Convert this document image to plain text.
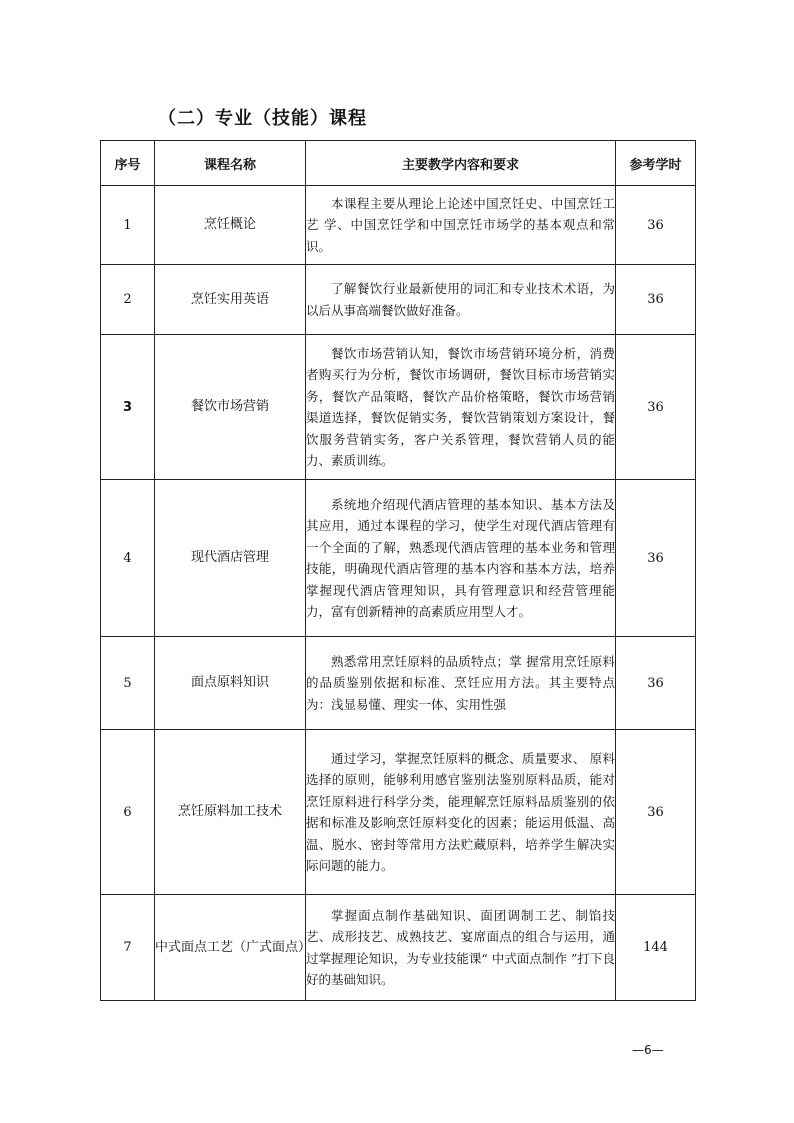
（二）专业（技能）课程
序号	课程名称	主要教学内容和要求	参考学时
1	烹饪概论	本课程主要从理论上论述中国烹饪史、中国烹饪工艺 学、中国烹饪学和中国烹饪市场学的基本观点和常识。	36
2	烹饪实用英语	了解餐饮行业最新使用的词汇和专业技术术语，为以后从事高端餐饮做好准备。	36
3	餐饮市场营销	餐饮市场营销认知，餐饮市场营销环境分析，消费者购买行为分析，餐饮市场调研，餐饮目标市场营销实务，餐饮产品策略，餐饮产品价格策略，餐饮市场营销渠道选择，餐饮促销实务，餐饮营销策划方案设计，餐饮服务营销实务，客户关系管理，餐饮营销人员的能力、素质训练。	36
4	现代酒店管理	系统地介绍现代酒店管理的基本知识、基本方法及其应用，通过本课程的学习，使学生对现代酒店管理有一个全面的了解，熟悉现代酒店管理的基本业务和管理技能，明确现代酒店管理的基本内容和基本方法，培养掌握现代酒店管理知识，具有管理意识和经营管理能力，富有创新精神的高素质应用型人才。	36
5	面点原料知识	熟悉常用烹饪原料的品质特点；掌 握常用烹饪原料的品质鉴别依据和标准、烹饪应用方法。其主要特点为：浅显易懂、理实一体、实用性强	36
6	烹饪原料加工技术	通过学习，掌握烹饪原料的概念、质量要求、 原料选择的原则，能够利用感官鉴别法鉴别原料品质，能对烹饪原料进行科学分类，能理解烹饪原料品质鉴别的依据和标准及影响烹饪原料变化的因素；能运用低温、高温、脱水、密封等常用方法贮藏原料，培养学生解决实际问题的能力。	36
7	中式面点工艺（广式面点）	掌握面点制作基础知识、面团调制工艺、制馅技 艺、成形技艺、成熟技艺、宴席面点的组合与运用，通过掌握理论知识，为专业技能课“ 中式面点制作 ”打下良好的基础知识。	144
—6—
